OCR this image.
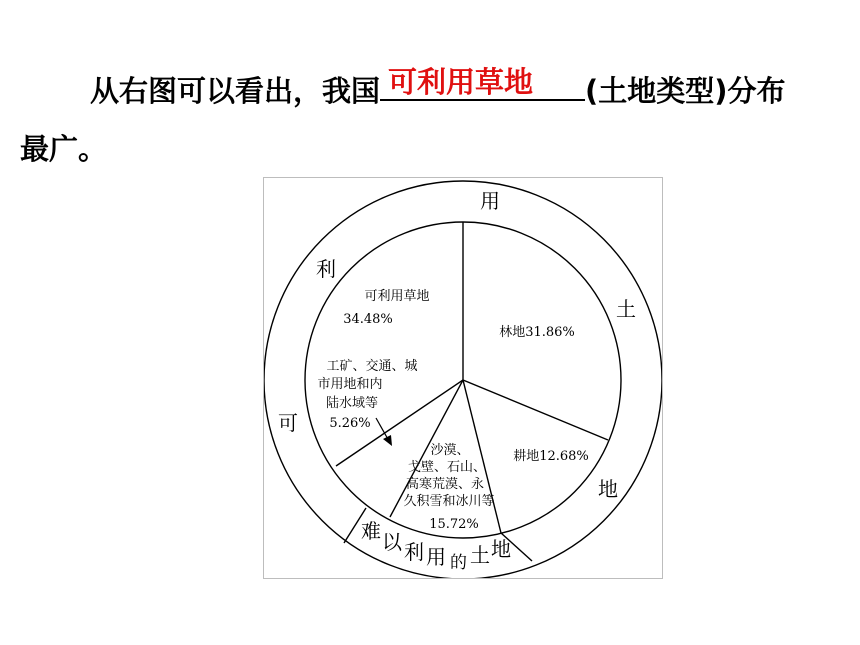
从右图可以看出，我国 可利用草地 (土地类型)分布
最广。
可
利
用
土
地
难 以 利 用 的 土 地
林地31.86%
耕地12.68%
沙漠、
戈壁、石山、
高寒荒漠、永
久积雪和冰川等
15.72%
工矿、交通、城
市用地和内
陆水域等
5.26%
可利用草地
34.48%
